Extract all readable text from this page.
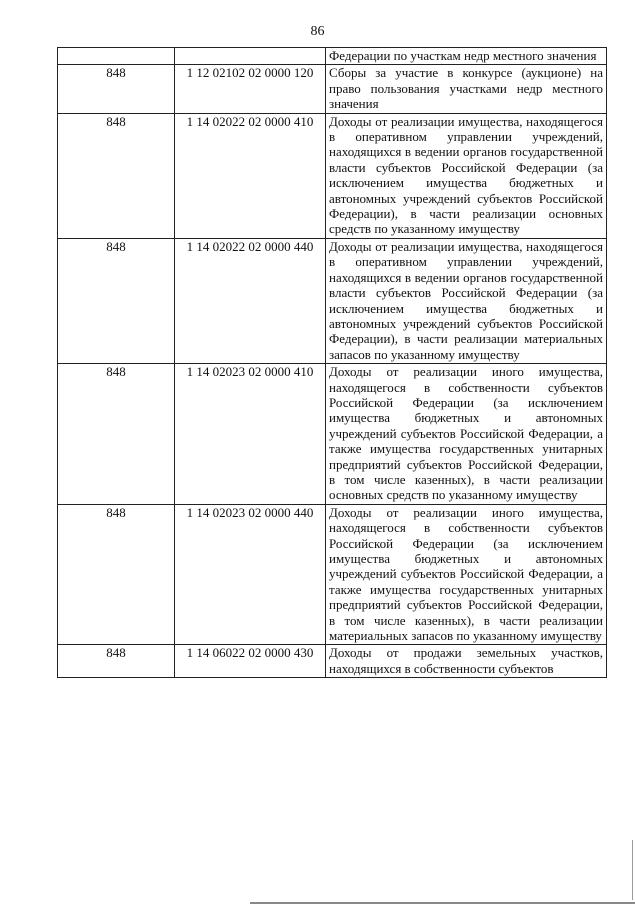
86
		Федерации по участкам недр местного значения
848	1 12 02102 02 0000 120	Сборы за участие в конкурсе (аукционе) на право пользования участками недр местного значения
848	1 14 02022 02 0000 410	Доходы от реализации имущества, находящегося в оперативном управлении учреждений, находящихся в ведении органов государственной власти субъектов Российской Федерации (за исключением имущества бюджетных и автономных учреждений субъектов Российской Федерации), в части реализации основных средств по указанному имуществу
848	1 14 02022 02 0000 440	Доходы от реализации имущества, находящегося в оперативном управлении учреждений, находящихся в ведении органов государственной власти субъектов Российской Федерации (за исключением имущества бюджетных и автономных учреждений субъектов Российской Федерации), в части реализации материальных запасов по указанному имуществу
848	1 14 02023 02 0000 410	Доходы от реализации иного имущества, находящегося в собственности субъектов Российской Федерации (за исключением имущества бюджетных и автономных учреждений субъектов Российской Федерации, а также имущества государственных унитарных предприятий субъектов Российской Федерации, в том числе казенных), в части реализации основных средств по указанному имуществу
848	1 14 02023 02 0000 440	Доходы от реализации иного имущества, находящегося в собственности субъектов Российской Федерации (за исключением имущества бюджетных и автономных учреждений субъектов Российской Федерации, а также имущества государственных унитарных предприятий субъектов Российской Федерации, в том числе казенных), в части реализации материальных запасов по указанному имуществу
848	1 14 06022 02 0000 430	Доходы от продажи земельных участков, находящихся в собственности субъектов
